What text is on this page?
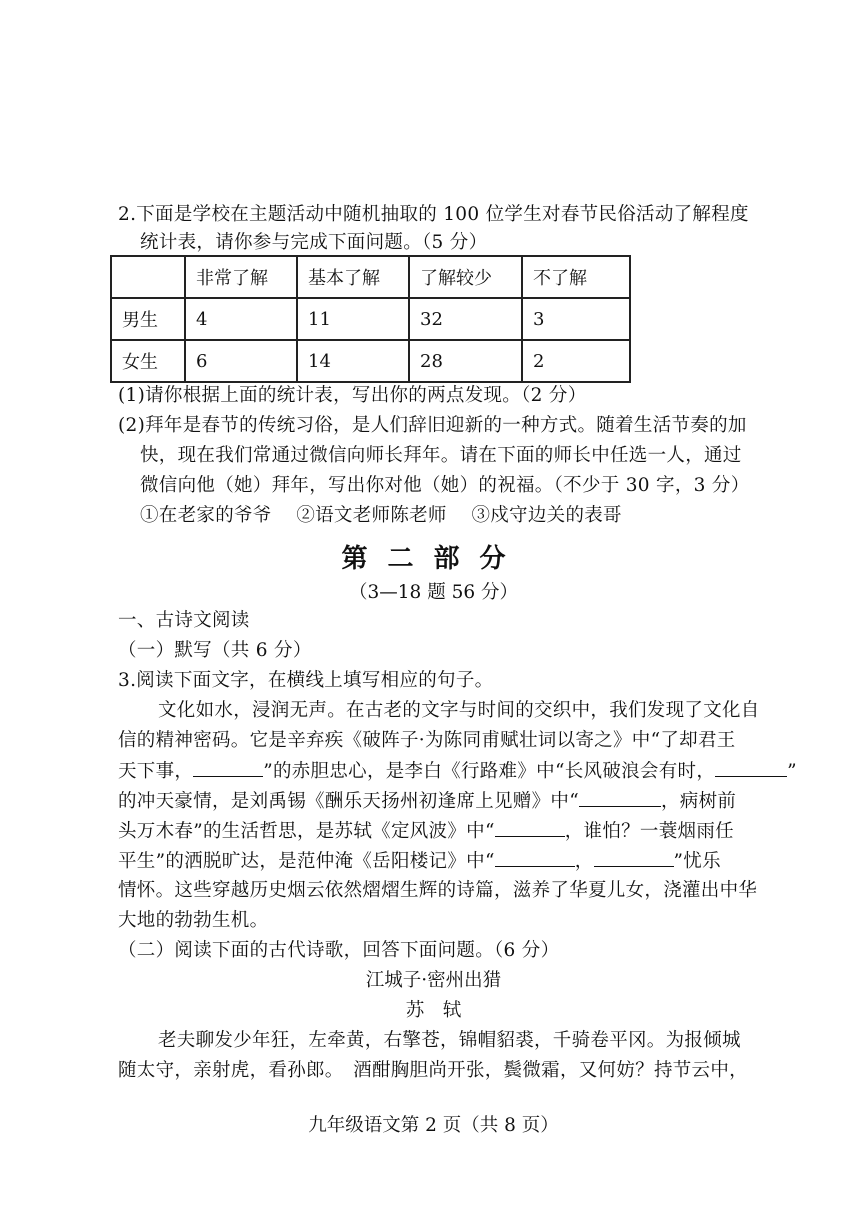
2.下面是学校在主题活动中随机抽取的 100 位学生对春节民俗活动了解程度
统计表，请你参与完成下面问题。（5 分）
	非常了解	基本了解	了解较少	不了解
男生	4	11	32	3
女生	6	14	28	2
(1)请你根据上面的统计表，写出你的两点发现。（2 分）
(2)拜年是春节的传统习俗，是人们辞旧迎新的一种方式。随着生活节奏的加
快，现在我们常通过微信向师长拜年。请在下面的师长中任选一人，通过
微信向他（她）拜年，写出你对他（她）的祝福。（不少于 30 字，3 分）
①在老家的爷爷    ②语文老师陈老师    ③戍守边关的表哥
第二部分
（3—18 题 56 分）
一、古诗文阅读
（一）默写（共 6 分）
3.阅读下面文字，在横线上填写相应的句子。
文化如水，浸润无声。在古老的文字与时间的交织中，我们发现了文化自
信的精神密码。它是辛弃疾《破阵子·为陈同甫赋壮词以寄之》中“了却君王
天下事，	”的赤胆忠心，是李白《行路难》中“长风破浪会有时，	”
的冲天豪情，是刘禹锡《酬乐天扬州初逢席上见赠》中“	，病树前
头万木春”的生活哲思，是苏轼《定风波》中“	，谁怕？一蓑烟雨任
平生”的洒脱旷达，是范仲淹《岳阳楼记》中“	，	”忧乐
情怀。这些穿越历史烟云依然熠熠生辉的诗篇，滋养了华夏儿女，浇灌出中华
大地的勃勃生机。
（二）阅读下面的古代诗歌，回答下面问题。（6 分）
江城子·密州出猎
苏　轼
老夫聊发少年狂，左牵黄，右擎苍，锦帽貂裘，千骑卷平冈。为报倾城
随太守，亲射虎，看孙郎。　酒酣胸胆尚开张，鬓微霜，又何妨？持节云中，
九年级语文第 2 页（共 8 页）
